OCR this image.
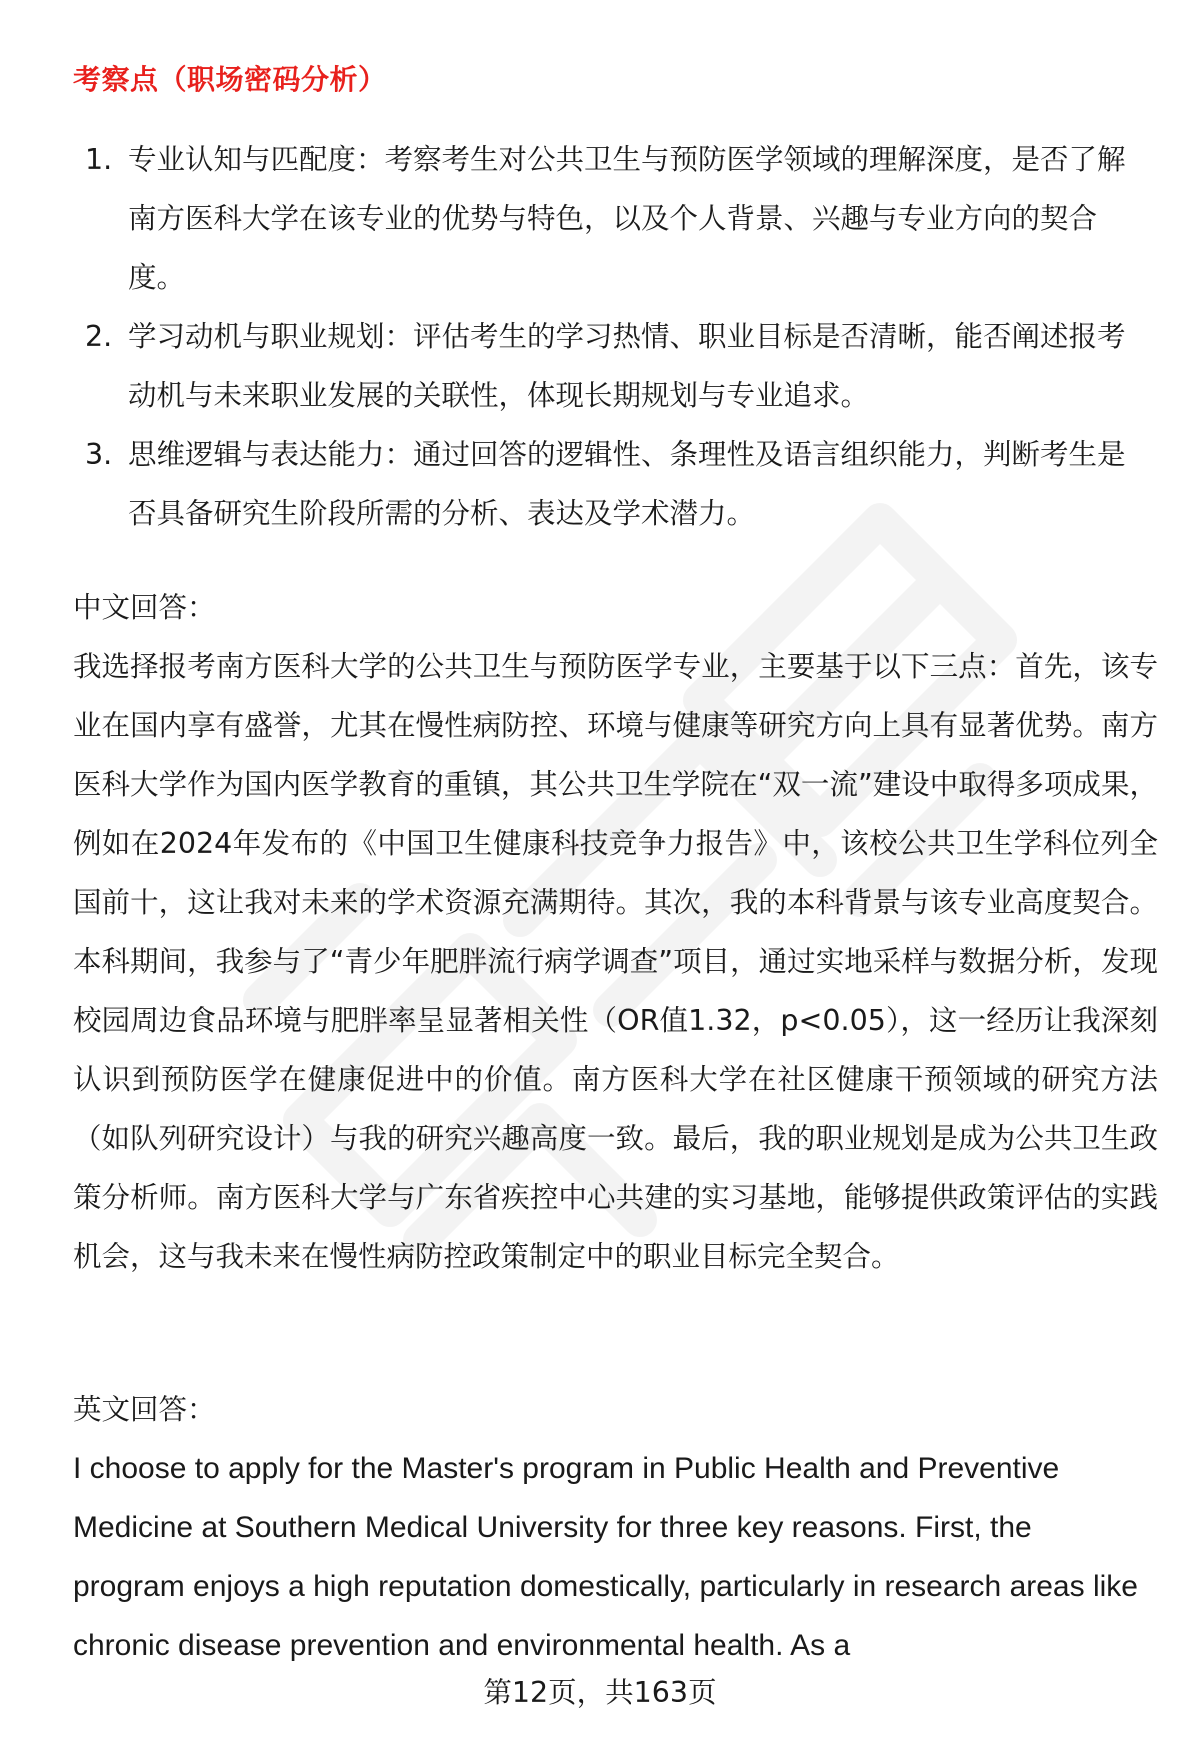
考察点（职场密码分析）
1. 专业认知与匹配度：考察考生对公共卫生与预防医学领域的理解深度，是否了解南方医科大学在该专业的优势与特色，以及个人背景、兴趣与专业方向的契合度。
2. 学习动机与职业规划：评估考生的学习热情、职业目标是否清晰，能否阐述报考动机与未来职业发展的关联性，体现长期规划与专业追求。
3. 思维逻辑与表达能力：通过回答的逻辑性、条理性及语言组织能力，判断考生是否具备研究生阶段所需的分析、表达及学术潜力。
中文回答：

我选择报考南方医科大学的公共卫生与预防医学专业，主要基于以下三点：首先，该专业在国内享有盛誉，尤其在慢性病防控、环境与健康等研究方向上具有显著优势。南方医科大学作为国内医学教育的重镇，其公共卫生学院在“双一流”建设中取得多项成果，例如在2024年发布的《中国卫生健康科技竞争力报告》中，该校公共卫生学科位列全国前十，这让我对未来的学术资源充满期待。其次，我的本科背景与该专业高度契合。本科期间，我参与了“青少年肥胖流行病学调查”项目，通过实地采样与数据分析，发现校园周边食品环境与肥胖率呈显著相关性（OR值1.32，p<0.05），这一经历让我深刻认识到预防医学在健康促进中的价值。南方医科大学在社区健康干预领域的研究方法（如队列研究设计）与我的研究兴趣高度一致。最后，我的职业规划是成为公共卫生政策分析师。南方医科大学与广东省疾控中心共建的实习基地，能够提供政策评估的实践机会，这与我未来在慢性病防控政策制定中的职业目标完全契合。

英文回答：

I choose to apply for the Master's program in Public Health and Preventive Medicine at Southern Medical University for three key reasons. First, the program enjoys a high reputation domestically, particularly in research areas like chronic disease prevention and environmental health. As a

第12页，共163页
